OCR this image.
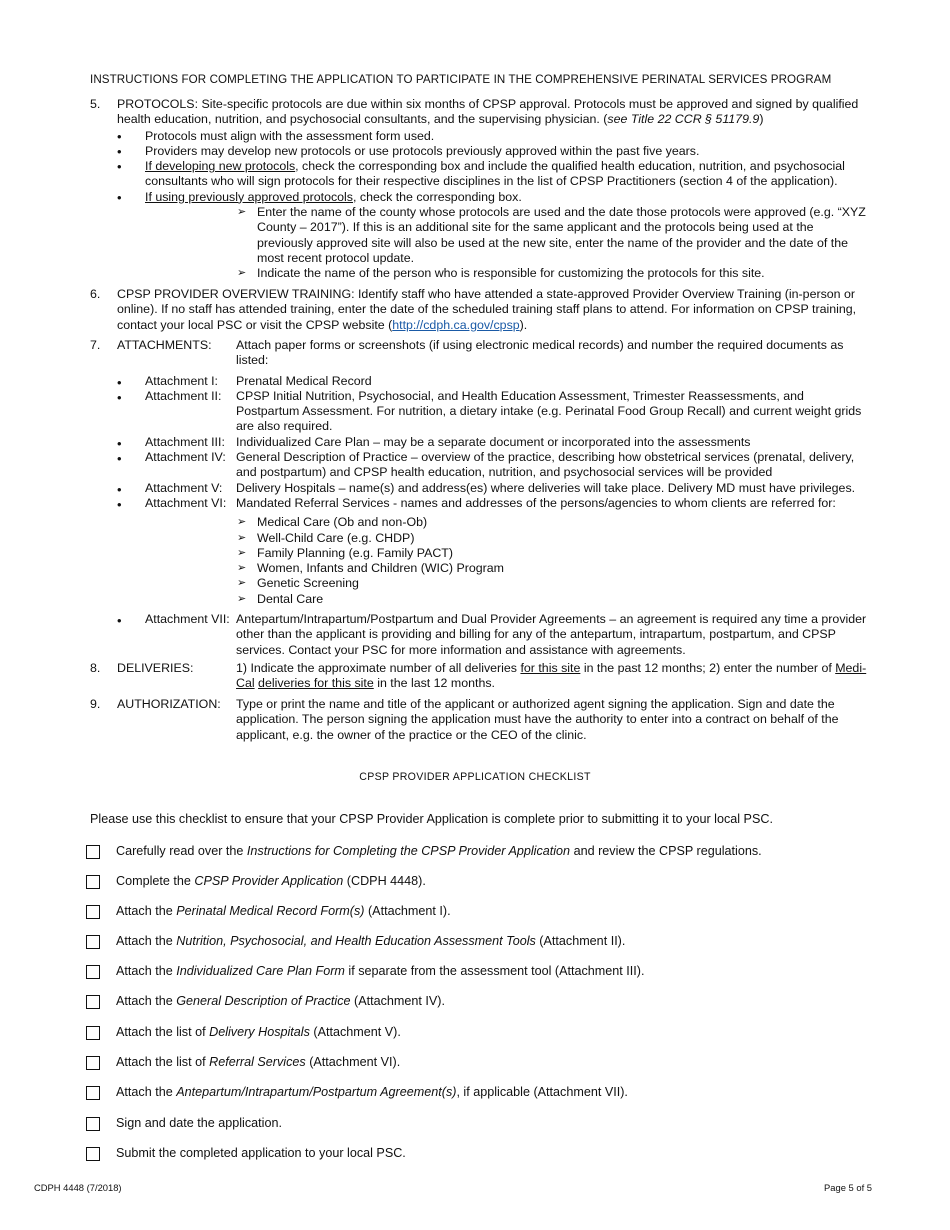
INSTRUCTIONS FOR COMPLETING THE APPLICATION TO PARTICIPATE IN THE COMPREHENSIVE PERINATAL SERVICES PROGRAM
5. PROTOCOLS: Site-specific protocols are due within six months of CPSP approval. Protocols must be approved and signed by qualified health education, nutrition, and psychosocial consultants, and the supervising physician. (see Title 22 CCR § 51179.9)
• Protocols must align with the assessment form used.
• Providers may develop new protocols or use protocols previously approved within the past five years.
• If developing new protocols, check the corresponding box and include the qualified health education, nutrition, and psychosocial consultants who will sign protocols for their respective disciplines in the list of CPSP Practitioners (section 4 of the application).
• If using previously approved protocols, check the corresponding box.
➢ Enter the name of the county whose protocols are used and the date those protocols were approved (e.g. “XYZ County – 2017”). If this is an additional site for the same applicant and the protocols being used at the previously approved site will also be used at the new site, enter the name of the provider and the date of the most recent protocol update.
➢ Indicate the name of the person who is responsible for customizing the protocols for this site.
6. CPSP PROVIDER OVERVIEW TRAINING: Identify staff who have attended a state-approved Provider Overview Training (in-person or online). If no staff has attended training, enter the date of the scheduled training staff plans to attend. For information on CPSP training, contact your local PSC or visit the CPSP website (http://cdph.ca.gov/cpsp).
7. ATTACHMENTS: Attach paper forms or screenshots (if using electronic medical records) and number the required documents as listed:
• Attachment I: Prenatal Medical Record
• Attachment II: CPSP Initial Nutrition, Psychosocial, and Health Education Assessment, Trimester Reassessments, and Postpartum Assessment. For nutrition, a dietary intake (e.g. Perinatal Food Group Recall) and current weight grids are also required.
• Attachment III: Individualized Care Plan – may be a separate document or incorporated into the assessments
• Attachment IV: General Description of Practice – overview of the practice, describing how obstetrical services (prenatal, delivery, and postpartum) and CPSP health education, nutrition, and psychosocial services will be provided
• Attachment V: Delivery Hospitals – name(s) and address(es) where deliveries will take place. Delivery MD must have privileges.
• Attachment VI: Mandated Referral Services - names and addresses of the persons/agencies to whom clients are referred for:
➢ Medical Care (Ob and non-Ob)
➢ Well-Child Care (e.g. CHDP)
➢ Family Planning (e.g. Family PACT)
➢ Women, Infants and Children (WIC) Program
➢ Genetic Screening
➢ Dental Care
• Attachment VII: Antepartum/Intrapartum/Postpartum and Dual Provider Agreements – an agreement is required any time a provider other than the applicant is providing and billing for any of the antepartum, intrapartum, postpartum, and CPSP services. Contact your PSC for more information and assistance with agreements.
8. DELIVERIES:	1) Indicate the approximate number of all deliveries for this site in the past 12 months; 2) enter the number of Medi-Cal deliveries for this site in the last 12 months.
9. AUTHORIZATION: Type or print the name and title of the applicant or authorized agent signing the application. Sign and date the application. The person signing the application must have the authority to enter into a contract on behalf of the applicant, e.g. the owner of the practice or the CEO of the clinic.
CPSP PROVIDER APPLICATION CHECKLIST
Please use this checklist to ensure that your CPSP Provider Application is complete prior to submitting it to your local PSC.
Carefully read over the Instructions for Completing the CPSP Provider Application and review the CPSP regulations.
Complete the CPSP Provider Application (CDPH 4448).
Attach the Perinatal Medical Record Form(s) (Attachment I).
Attach the Nutrition, Psychosocial, and Health Education Assessment Tools (Attachment II).
Attach the Individualized Care Plan Form if separate from the assessment tool (Attachment III).
Attach the General Description of Practice (Attachment IV).
Attach the list of Delivery Hospitals (Attachment V).
Attach the list of Referral Services (Attachment VI).
Attach the Antepartum/Intrapartum/Postpartum Agreement(s), if applicable (Attachment VII).
Sign and date the application.
Submit the completed application to your local PSC.
CDPH 4448 (7/2018)	Page 5 of 5
